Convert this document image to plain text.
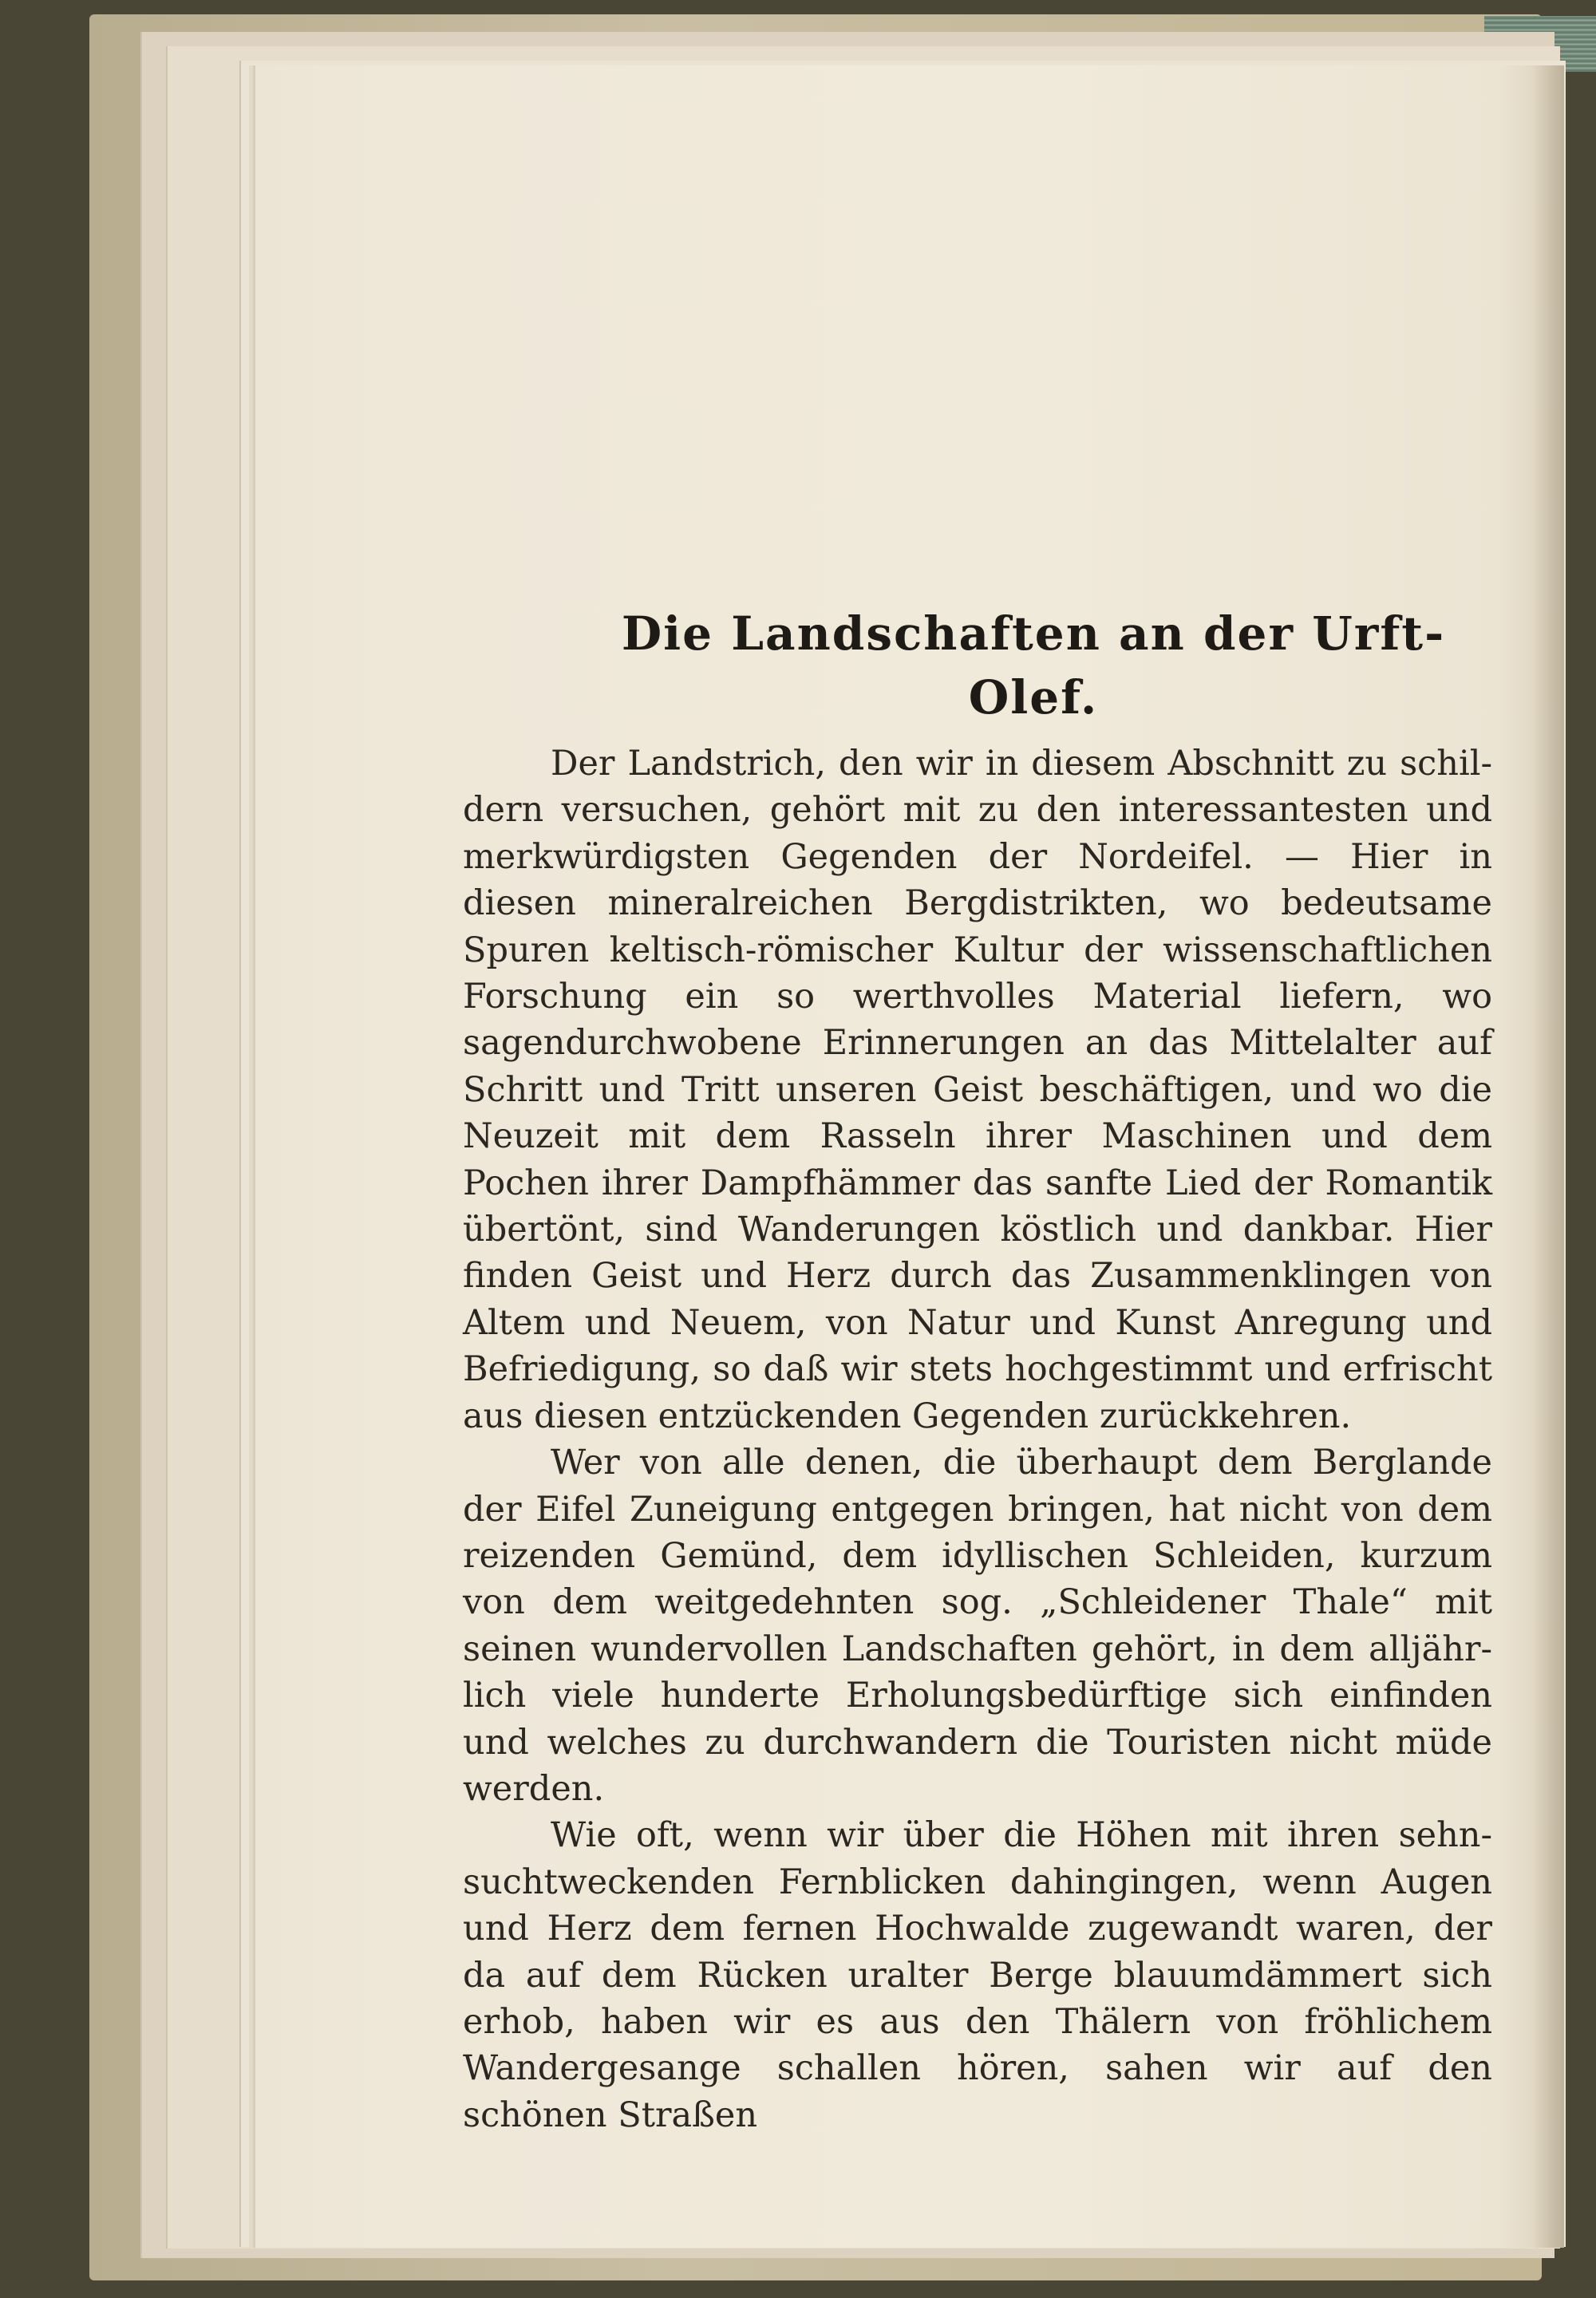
Die Landschaften an der Urft-Olef.

Der Landstrich, den wir in diesem Abschnitt zu schildern versuchen, gehört mit zu den interessantesten und merkwürdigsten Gegenden der Nordeifel. — Hier in diesen mineralreichen Bergdistrikten, wo bedeutsame Spuren keltisch-römischer Kultur der wissenschaftlichen Forschung ein so werthvolles Material liefern, wo sagendurchwobene Erinnerungen an das Mittelalter auf Schritt und Tritt unseren Geist beschäftigen, und wo die Neuzeit mit dem Rasseln ihrer Maschinen und dem Pochen ihrer Dampfhämmer das sanfte Lied der Romantik übertönt, sind Wanderungen köstlich und dankbar. Hier finden Geist und Herz durch das Zusammenklingen von Altem und Neuem, von Natur und Kunst Anregung und Befriedigung, so daß wir stets hochgestimmt und erfrischt aus diesen entzückenden Gegenden zurückkehren.

Wer von alle denen, die überhaupt dem Berglande der Eifel Zuneigung entgegen bringen, hat nicht von dem reizenden Gemünd, dem idyllischen Schleiden, kurzum von dem weitgedehnten sog. „Schleidener Thale“ mit seinen wundervollen Landschaften gehört, in dem alljährlich viele hunderte Erholungsbedürftige sich einfinden und welches zu durchwandern die Touristen nicht müde werden.

Wie oft, wenn wir über die Höhen mit ihren sehnsuchtweckenden Fernblicken dahingingen, wenn Augen und Herz dem fernen Hochwalde zugewandt waren, der da auf dem Rücken uralter Berge blauumdämmert sich erhob, haben wir es aus den Thälern von fröhlichem Wandergesange schallen hören, sahen wir auf den schönen Straßen
